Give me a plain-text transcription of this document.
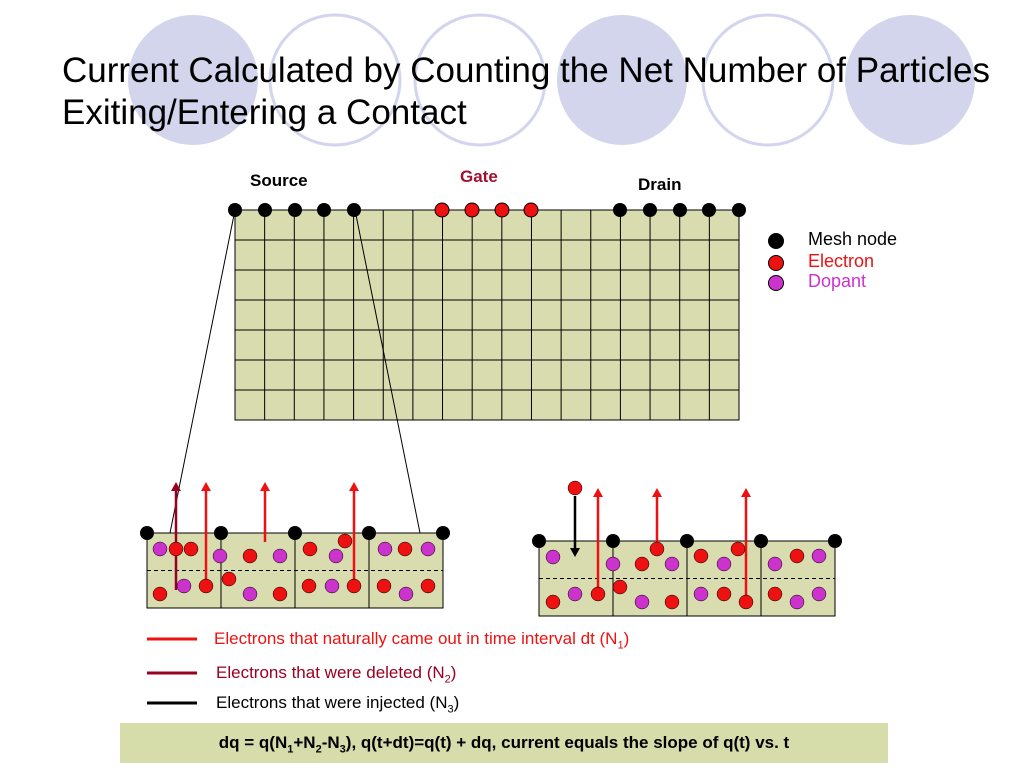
Current Calculated by Counting the Net Number of Particles Exiting/Entering a Contact
Source	Gate	Drain
Mesh node
Electron
Dopant
Electrons that naturally came out in time interval dt $(N_1)$
Electrons that were deleted $(N_2)$
Electrons that were injected $(N_3)$
dq = $q(N_1+N_2-N_3)$, q(t+dt)=q(t) + dq, current equals the slope of q(t) vs. t
